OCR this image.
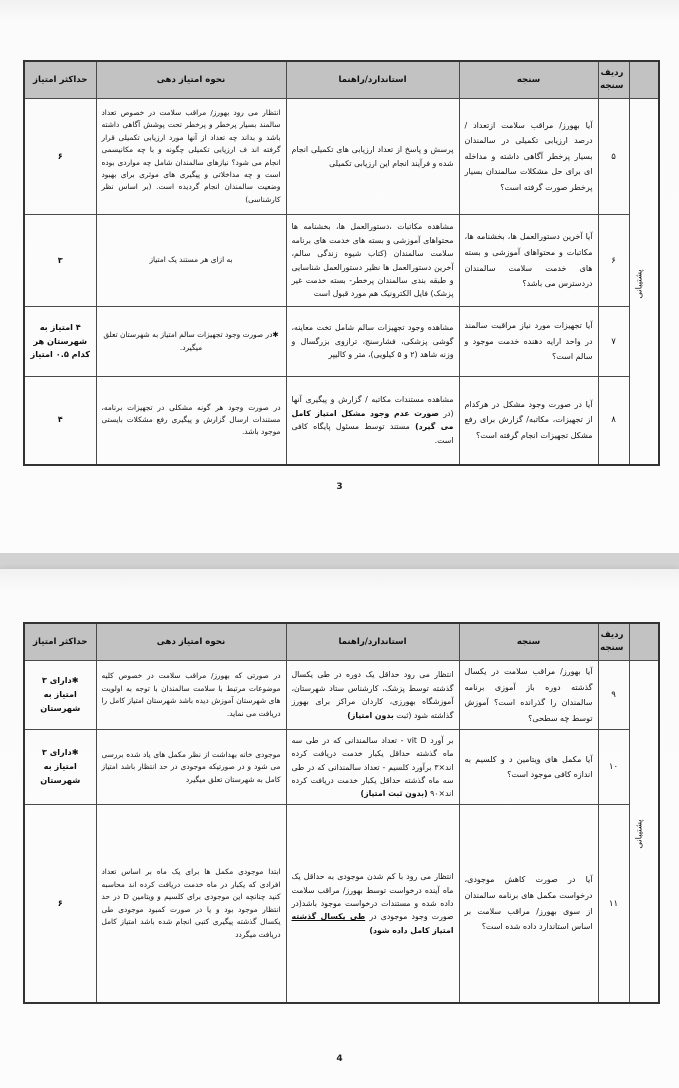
	ردیف سنجه	سنجه	استاندارد/راهنما	نحوه امتیاز دهی	حداکثر امتیاز
پشتیبانی	۵	آیا بهورز/ مراقب سلامت ازتعداد / درصد ارزیابی تکمیلی در سالمندان بسیار پرخطر آگاهی داشته و مداخله ای برای حل مشکلات سالمندان بسیار پرخطر صورت گرفته است؟	پرسش و پاسخ از تعداد ارزیابی های تکمیلی انجام شده و فرآیند انجام این ارزیابی تکمیلی	انتظار می رود بهورز/ مراقب سلامت در خصوص تعداد سالمند بسیار پرخطر و پرخطر تحت پوشش آگاهی داشته باشد و بداند چه تعداد از آنها مورد ارزیابی تکمیلی قرار گرفته اند ف ارزیابی تکمیلی چگونه و با چه مکانیسمی انجام می شود؟ نیازهای سالمندان شامل چه مواردی بوده است و چه مداخلاتی و پیگیری های موثری برای بهبود وضعیت سالمندان انجام گردیده است. (بر اساس نظر کارشناسی)	۶
	۶	آیا آخرین دستورالعمل ها، بخشنامه ها، مکاتبات و محتواهای آموزشی و بسته های خدمت سلامت سالمندان دردسترس می باشد؟	مشاهده مکاتبات ،دستورالعمل ها، بخشنامه ها محتواهای آموزشی و بسته های خدمت های برنامه سلامت سالمندان (کتاب شیوه زندگی سالم، آخرین دستورالعمل ها نظیر دستورالعمل شناسایی و طبقه بندی سالمندان پرخطر- بسته خدمت غیر پزشک) فایل الکترونیک هم مورد قبول است	به ازای هر مستند یک امتیاز	۳
	۷	آیا تجهیزات مورد نیاز مراقبت سالمند در واحد ارایه دهنده خدمت موجود و سالم است؟	مشاهده وجود تجهیزات سالم شامل تخت معاینه، گوشی پزشکی، فشارسنج، ترازوی بزرگسال و وزنه شاهد (۲ و ۵ کیلویی)، متر و کالیپر	✱در صورت وجود تجهیزات سالم امتیاز به شهرستان تعلق میگیرد.	۴ امتیاز به شهرستان هر کدام ۰.۵ امتیاز
	۸	آیا در صورت وجود مشکل در هرکدام از تجهیزات، مکاتبه/ گزارش برای رفع مشکل تجهیزات انجام گرفته است؟	مشاهده مستندات مکاتبه / گزارش و پیگیری آنها (در صورت عدم وجود مشکل امتیاز کامل می گیرد) مستند توسط مسئول پایگاه کافی است.	در صورت وجود هر گونه مشکلی در تجهیزات برنامه، مستندات ارسال گزارش و پیگیری رفع مشکلات بایستی موجود باشد.	۴
3
	ردیف سنجه	سنجه	استاندارد/راهنما	نحوه امتیاز دهی	حداکثر امتیاز
پشتیبانی	۹	آیا بهورز/ مراقب سلامت در یکسال گذشته دوره باز آموزی برنامه سالمندان را گذرانده است؟ آموزش توسط چه سطحی؟	انتظار می رود حداقل یک دوره در طی یکسال گذشته توسط پزشک، کارشناس ستاد شهرستان، آموزشگاه بهورزی، کاردان مراکز برای بهورز گذاشته شود (ثبت بدون امتیاز)	در صورتی که بهورز/ مراقب سلامت در خصوص کلیه موضوعات مرتبط با سلامت سالمندان با توجه به اولویت های شهرستان آموزش دیده باشد شهرستان امتیاز کامل را دریافت می نماید.	✱دارای ۳ امتیاز به شهرستان
	۱۰	آیا مکمل های ویتامین د و کلسیم به اندازه کافی موجود است؟	بر آورد vit D - تعداد سالمندانی که در طی سه ماه گذشته حداقل یکبار خدمت دریافت کرده اند×۳ برآورد کلسیم - تعداد سالمندانی که در طی سه ماه گذشته حداقل یکبار خدمت دریافت کرده اند×۹۰ (بدون ثبت امتیاز)	موجودی خانه بهداشت از نظر مکمل های یاد شده بررسی می شود و در صورتیکه موجودی در حد انتظار باشد امتیاز کامل به شهرستان تعلق میگیرد	✱دارای ۳ امتیاز به شهرستان
	۱۱	آیا در صورت کاهش موجودی، درخواست مکمل های برنامه سالمندان از سوی بهورز/ مراقب سلامت بر اساس استاندارد داده شده است؟	انتظار می رود با کم شدن موجودی به حداقل یک ماه آینده درخواست توسط بهورز/ مراقب سلامت داده شده و مستندات درخواست موجود باشد(در صورت وجود موجودی در طی یکسال گذشته امتیاز کامل داده شود)	ابتدا موجودی مکمل ها برای یک ماه بر اساس تعداد افرادی که یکبار در ماه خدمت دریافت کرده اند محاسبه کنید چنانچه این موجودی برای کلسیم و ویتامین D در حد انتظار موجود بود و یا در صورت کمبود موجودی طی یکسال گذشته پیگیری کتبی انجام شده باشد امتیاز کامل دریافت میگردد	۶
4
